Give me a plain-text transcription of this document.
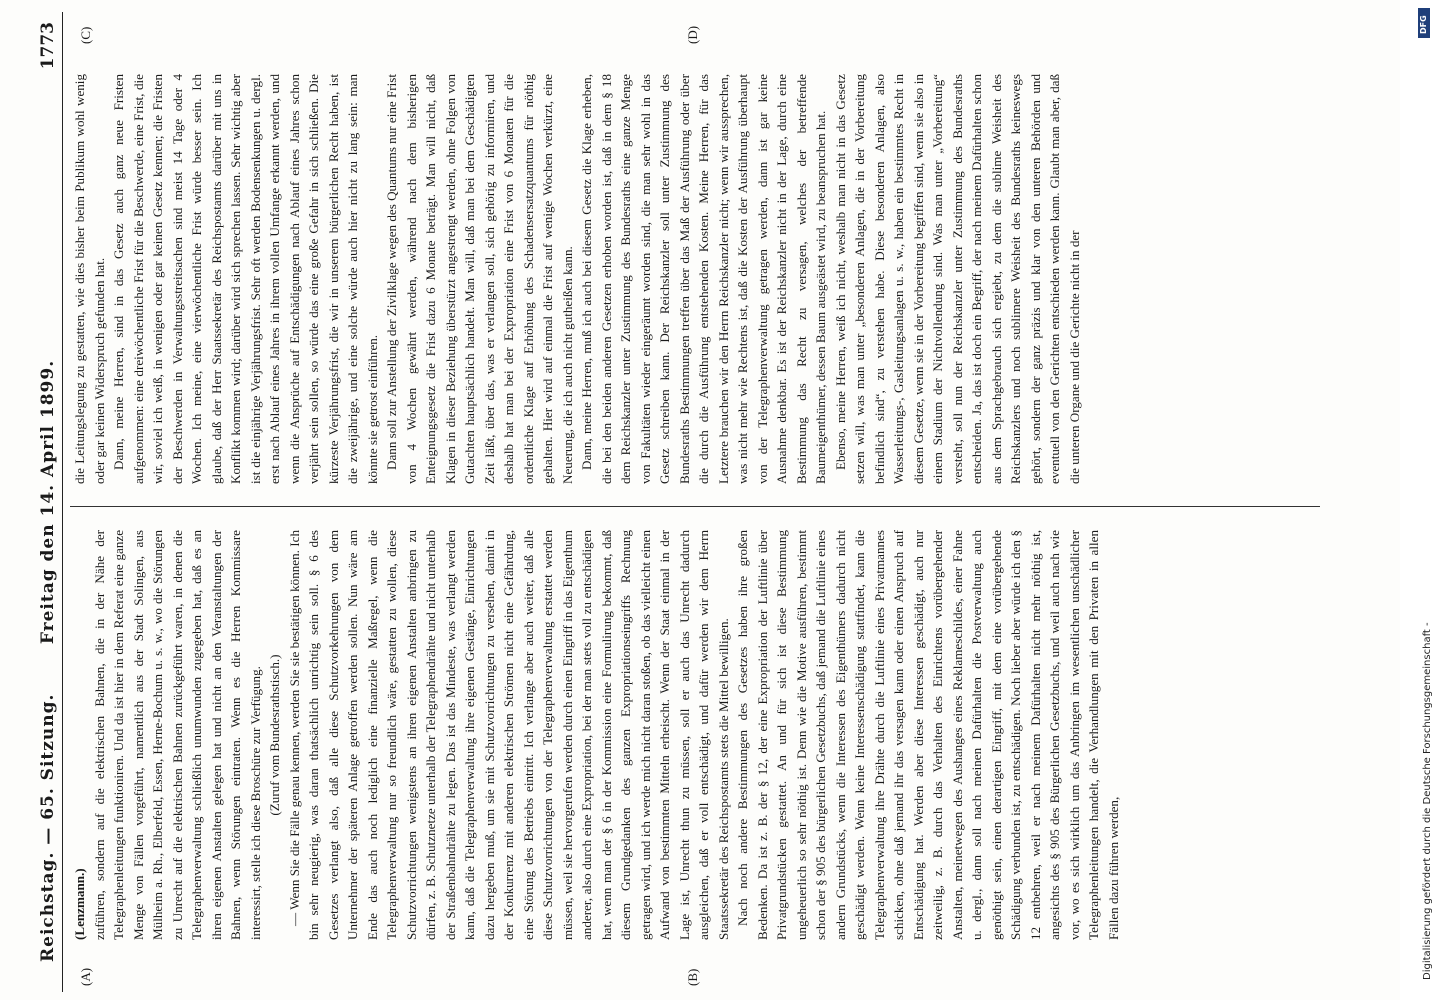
Reichstag. — 65. Sitzung.
Freitag den 14. April 1899.
1773
(A)	(B)
(C)	(D)

(Lenzmann.) zuführen, sondern auf die elektrischen Bahnen, die in der Nähe der Telegraphenleitungen funktioniren. Und da ist hier in dem Referat eine ganze Menge von Fällen vorgeführt, namentlich aus der Stadt Solingen, aus Mülheim a. Rh., Elberfeld, Essen, Herne-Bochum u. s. w., wo die Störungen zu Unrecht auf die elektrischen Bahnen zurückgeführt waren, in denen die Telegraphenverwaltung schließlich unumwunden zugegeben hat, daß es an ihren eigenen Anstalten gelegen hat und nicht an den Veranstaltungen der Bahnen, wenn Störungen eintraten. Wenn es die Herren Kommissare interessirt, stelle ich diese Broschüre zur Verfügung. (Zuruf vom Bundesrathstisch.) — Wenn Sie die Fälle genau kennen, werden Sie sie bestätigen können. Ich bin sehr neugierig, was daran thatsächlich unrichtig sein soll. § 6 des Gesetzes verlangt also, daß alle diese Schutzvorkehrungen von dem Unternehmer der späteren Anlage getroffen werden sollen. Nun wäre am Ende das auch noch lediglich eine finanzielle Maßregel, wenn die Telegraphenverwaltung nur so freundlich wäre, gestatten zu wollen, diese Schutzvorrichtungen wenigstens an ihren eigenen Anstalten anbringen zu dürfen, z. B. Schutznetze unterhalb der Telegraphendrähte und nicht unterhalb der Straßenbahndrähte zu legen. Das ist das Mindeste, was verlangt werden kann, daß die Telegraphenverwaltung ihre eigenen Gestänge, Einrichtungen dazu hergeben muß, um sie mit Schutzvorrichtungen zu versehen, damit in der Konkurrenz mit anderen elektrischen Strömen nicht eine Gefährdung, eine Störung des Betriebs eintritt. Ich verlange aber auch weiter, daß alle diese Schutzvorrichtungen von der Telegraphenverwaltung erstattet werden müssen, weil sie hervorgerufen werden durch einen Eingriff in das Eigenthum anderer, also durch eine Expropriation, bei der man stets voll zu entschädigen hat, wenn man der § 6 in der Kommission eine Formulirung bekommt, daß diesem Grundgedanken des ganzen Expropriationseingriffs Rechnung getragen wird, und ich werde mich nicht daran stoßen, ob das vielleicht einen Aufwand von bestimmten Mitteln erheischt. Wenn der Staat einmal in der Lage ist, Unrecht thun zu müssen, soll er auch das Unrecht dadurch ausgleichen, daß er voll entschädigt, und dafür werden wir dem Herrn Staatssekretär des Reichspostamts stets die Mittel bewilligen. Nach noch andere Bestimmungen des Gesetzes haben ihre großen Bedenken. Da ist z. B. der § 12, der eine Expropriation der Luftlinie über Privatgrundstücken gestattet. An und für sich ist diese Bestimmung ungeheuerlich so sehr nöthig ist. Denn wie die Motive ausführen, bestimmt schon der § 905 des bürgerlichen Gesetzbuchs, daß jemand die Luftlinie eines andern Grundstücks, wenn die Interessen des Eigenthümers dadurch nicht geschädigt werden. Wenn keine Interessenschädigung stattfindet, kann die Telegraphenverwaltung ihre Drähte durch die Luftlinie eines Privatmannes schicken, ohne daß jemand ihr das versagen kann oder einen Anspruch auf Entschädigung hat. Werden aber diese Interessen geschädigt, auch nur zeitweilig, z. B. durch das Verhalten des Einrichtens vorübergehender Anstalten, meinetwegen des Aushanges eines Reklameschildes, einer Fahne u. dergl., dann soll nach meinen Dafürhalten die Postverwaltung auch genöthigt sein, einen derartigen Eingriff, mit dem eine vorübergehende Schädigung verbunden ist, zu entschädigen. Noch lieber aber würde ich den § 12 entbehren, weil er nach meinem Dafürhalten nicht mehr nöthig ist, angesichts des § 905 des Bürgerlichen Gesetzbuchs, und weil auch nach wie vor, wo es sich wirklich um das Anbringen im wesentlichen unschädlicher Telegraphenleitungen handelt, die Verhandlungen mit den Privaten in allen Fällen dazu führen werden,

die Leitungslegung zu gestatten, wie dies bisher beim Publikum wohl wenig oder gar keinen Widerspruch gefunden hat. Dann, meine Herren, sind in das Gesetz auch ganz neue Fristen aufgenommen: eine dreiwöchentliche Frist für die Beschwerde, eine Frist, die wir, soviel ich weiß, in wenigen oder gar keinen Gesetz kennen; die Fristen der Beschwerden in Verwaltungsstreitsachen sind meist 14 Tage oder 4 Wochen. Ich meine, eine vierwöchentliche Frist würde besser sein. Ich glaube, daß der Herr Staatssekretär des Reichspostamts darüber mit uns in Konflikt kommen wird; darüber wird sich sprechen lassen. Sehr wichtig aber ist die einjährige Verjährungsfrist. Sehr oft werden Bodensenkungen u. dergl. erst nach Ablauf eines Jahres in ihrem vollen Umfange erkannt werden, und wenn die Ansprüche auf Entschädigungen nach Ablauf eines Jahres schon verjährt sein sollen, so würde das eine große Gefahr in sich schließen. Die kürzeste Verjährungsfrist, die wir in unserem bürgerlichen Recht haben, ist die zweijährige, und eine solche würde auch hier nicht zu lang sein: man könnte sie getrost einführen. Dann soll zur Anstellung der Zivilklage wegen des Quantums nur eine Frist von 4 Wochen gewährt werden, während nach dem bisherigen Enteignungsgesetz die Frist dazu 6 Monate beträgt. Man will nicht, daß Klagen in dieser Beziehung überstürzt angestrengt werden, ohne Folgen von Gutachten hauptsächlich handelt. Man will, daß man bei dem Geschädigten Zeit läßt, über das, was er verlangen soll, sich gehörig zu informiren, und deshalb hat man bei der Expropriation eine Frist von 6 Monaten für die ordentliche Klage auf Erhöhung des Schadensersatzquantums für nöthig gehalten. Hier wird auf einmal die Frist auf wenige Wochen verkürzt, eine Neuerung, die ich auch nicht gutheißen kann. Dann, meine Herren, muß ich auch bei diesem Gesetz die Klage erheben, die bei den beiden anderen Gesetzen erhoben worden ist, daß in dem § 18 dem Reichskanzler unter Zustimmung des Bundesraths eine ganze Menge von Fakultäten wieder eingeräumt worden sind, die man sehr wohl in das Gesetz schreiben kann. Der Reichskanzler soll unter Zustimmung des Bundesraths Bestimmungen treffen über das Maß der Ausführung oder über die durch die Ausführung entstehenden Kosten. Meine Herren, für das Letztere brauchen wir den Herrn Reichskanzler nicht; wenn wir aussprechen, was nicht mehr wie Rechtens ist, daß die Kosten der Ausführung überhaupt von der Telegraphenverwaltung getragen werden, dann ist gar keine Ausnahme denkbar. Es ist der Reichskanzler nicht in der Lage, durch eine Bestimmung das Recht zu versagen, welches der betreffende Baumeigenthümer, dessen Baum ausgeästet wird, zu beanspruchen hat. Ebenso, meine Herren, weiß ich nicht, weshalb man nicht in das Gesetz setzen will, was man unter „besonderen Anlagen, die in der Vorbereitung befindlich sind“, zu verstehen habe. Diese besonderen Anlagen, also Wasserleitungs-, Gasleitungsanlagen u. s. w., haben ein bestimmtes Recht in diesem Gesetze, wenn sie in der Vorbereitung begriffen sind, wenn sie also in einem Stadium der Nichtvollendung sind. Was man unter „Vorbereitung“ versteht, soll nun der Reichskanzler unter Zustimmung des Bundesraths entscheiden. Ja, das ist doch ein Begriff, der nach meinem Dafürhalten schon aus dem Sprachgebrauch sich ergiebt, zu dem die sublime Weisheit des Reichskanzlers und noch sublimere Weisheit des Bundesraths keineswegs gehört, sondern der ganz präzis und klar von den unteren Behörden und eventuell von den Gerichten entschieden werden kann. Glaubt man aber, daß die unteren Organe und die Gerichte nicht in der

DFG
Digitalisierung gefördert durch die Deutsche Forschungsgemeinschaft -
